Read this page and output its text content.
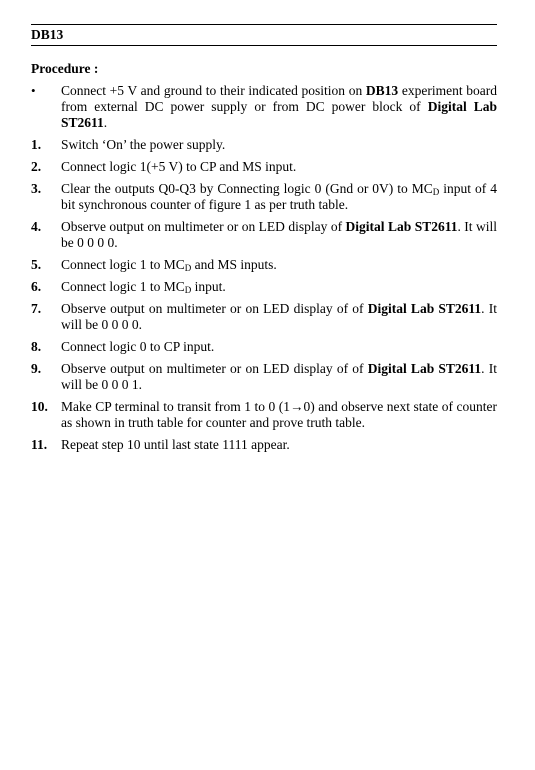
DB13
Procedure :
•	Connect +5 V and ground to their indicated position on DB13 experiment board from external DC power supply or from DC power block of Digital Lab ST2611.
1.	Switch ‘On’ the power supply.
2.	Connect logic 1(+5 V) to CP and MS input.
3.	Clear the outputs Q0-Q3 by Connecting logic 0 (Gnd or 0V) to $MC_D$ input of 4 bit synchronous counter of figure 1 as per truth table.
4.	Observe output on multimeter or on LED display of Digital Lab ST2611. It will be 0 0 0 0.
5.	Connect logic 1 to $MC_D$ and MS inputs.
6.	Connect logic 1 to $MC_D$ input.
7.	Observe output on multimeter or on LED display of of Digital Lab ST2611. It will be 0 0 0 0.
8.	Connect logic 0 to CP input.
9.	Observe output on multimeter or on LED display of of Digital Lab ST2611. It will be 0 0 0 1.
10. Make CP terminal to transit from 1 to 0 (1→0) and observe next state of counter as shown in truth table for counter and prove truth table.
11.	Repeat step 10 until last state 1111 appear.
